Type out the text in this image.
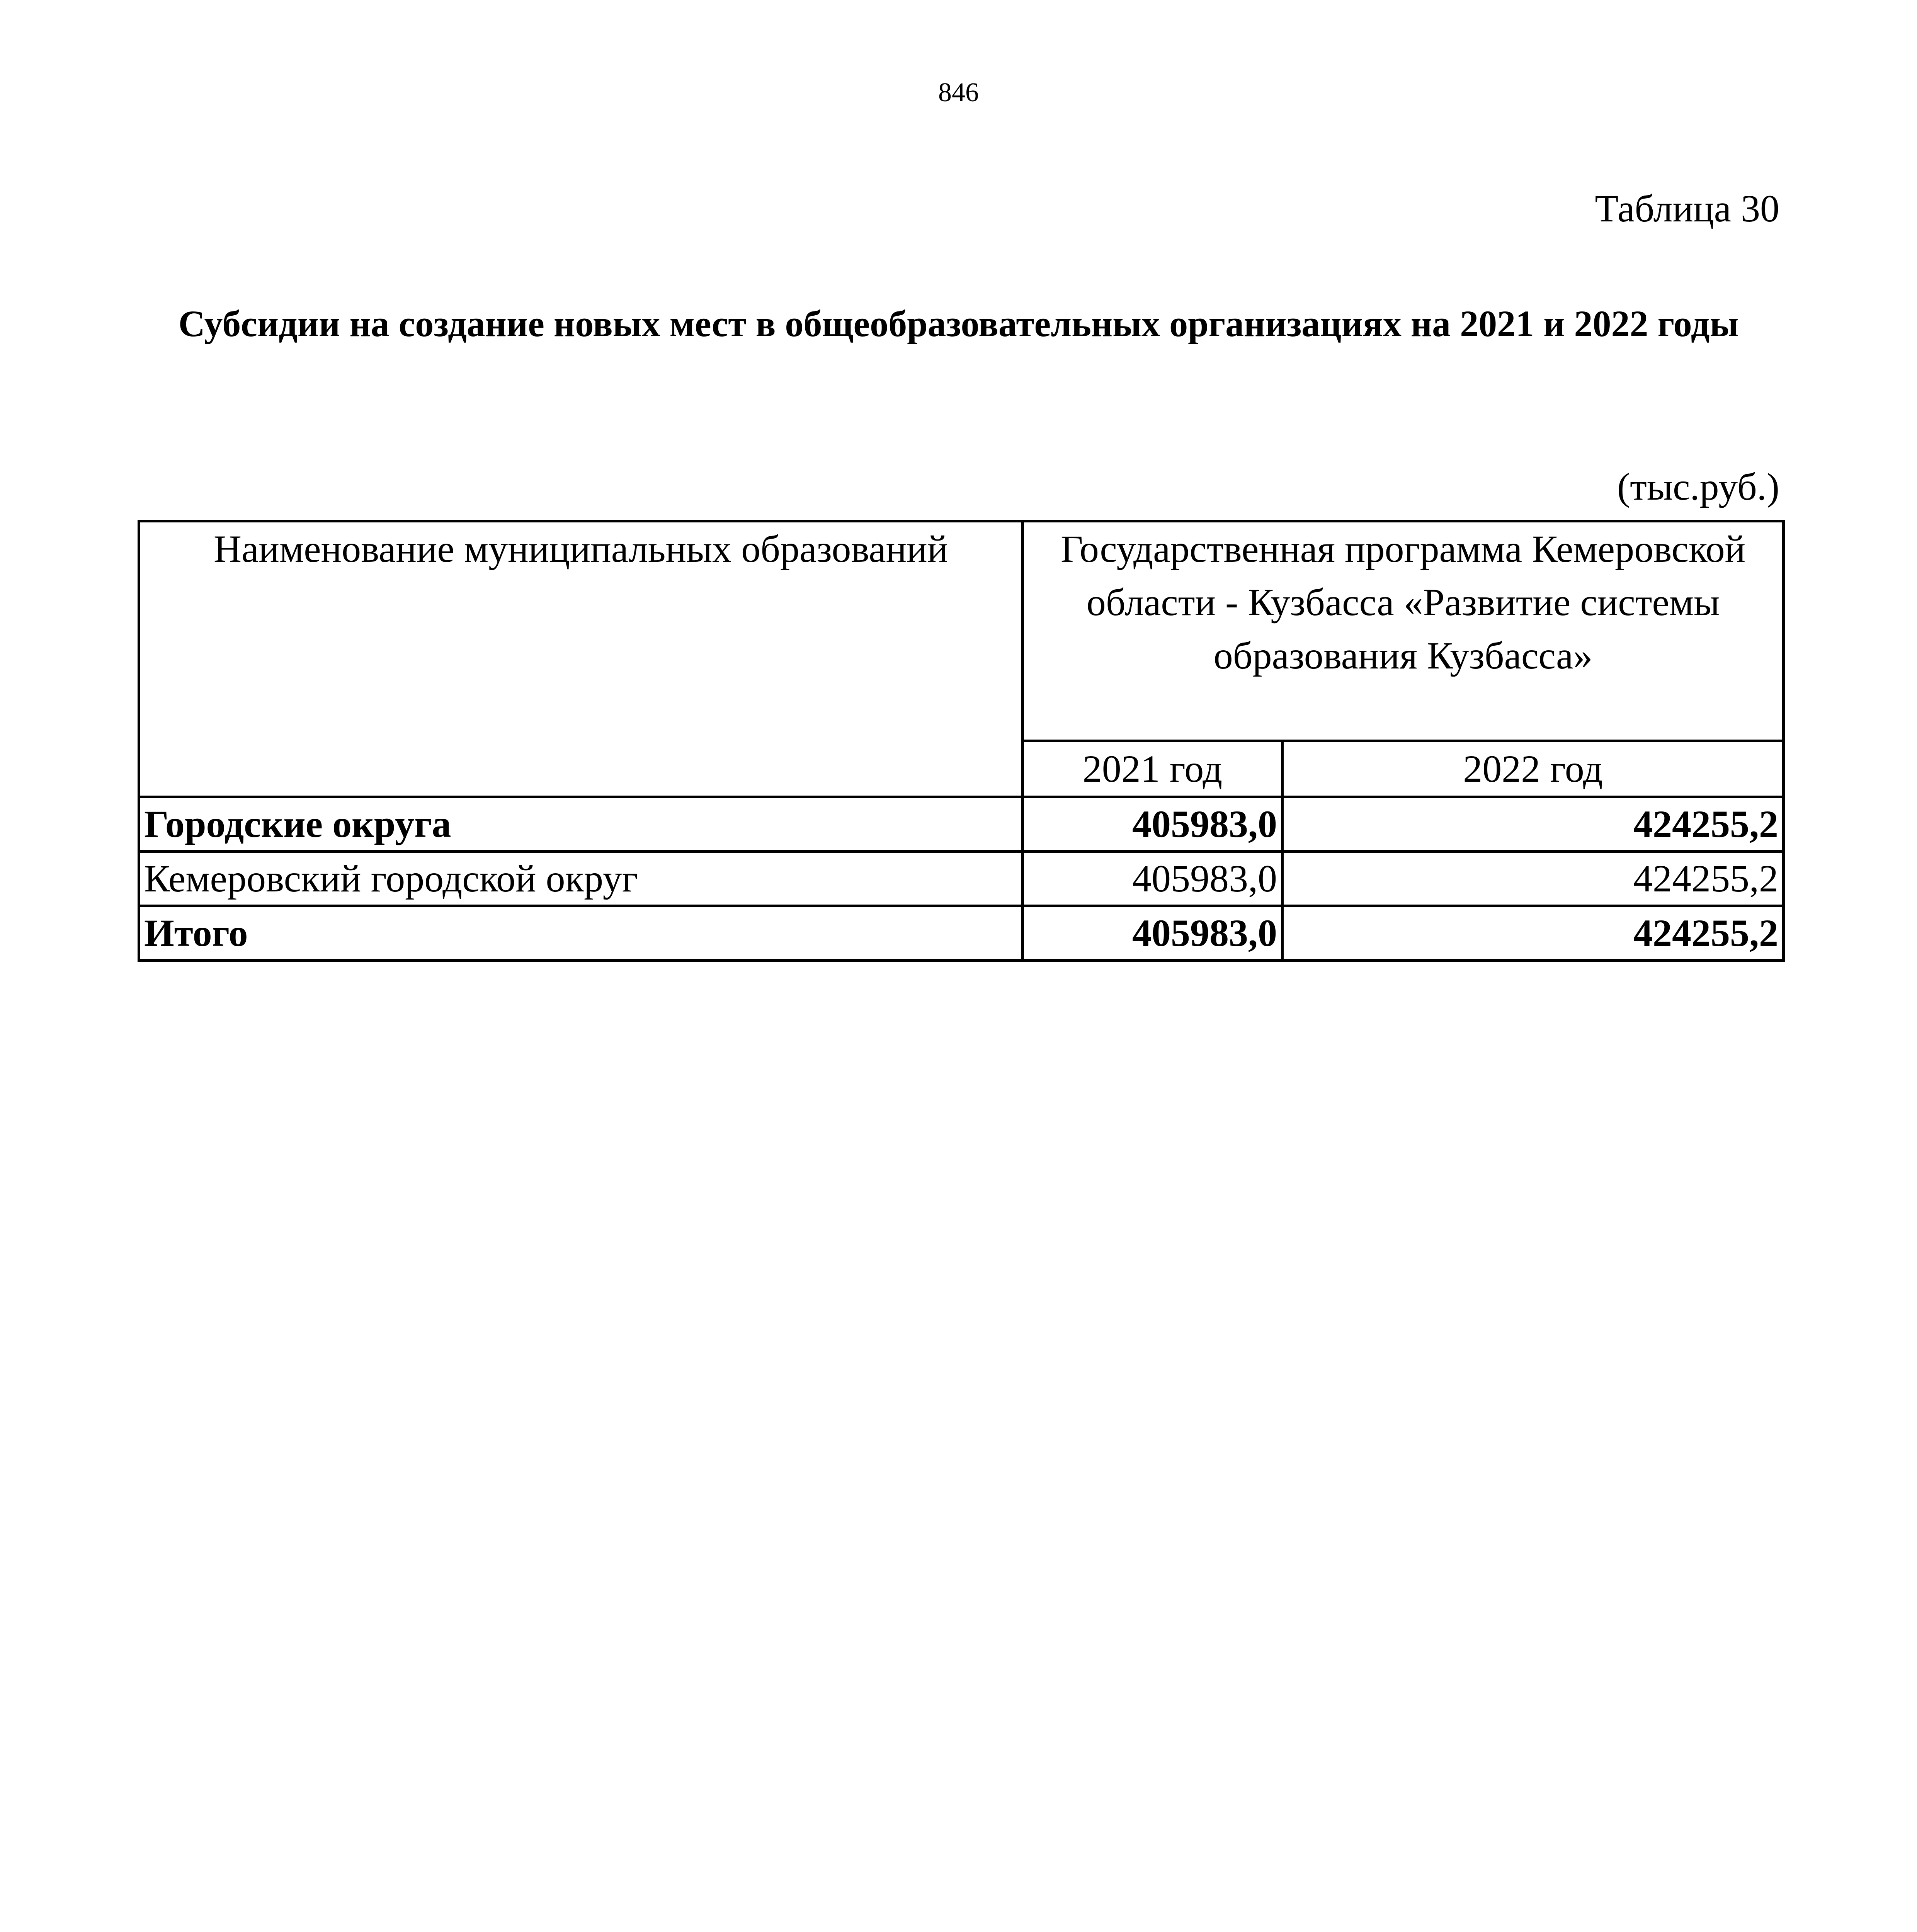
846
Таблица 30
Субсидии на создание новых мест в общеобразовательных организациях на 2021 и 2022 годы
(тыс.руб.)
Наименование муниципальных образований	Государственная программа Кемеровской области - Кузбасса «Развитие системы образования Кузбасса»	
	2021 год	2022 год
Городские округа	405983,0	424255,2
Кемеровский городской округ	405983,0	424255,2
Итого	405983,0	424255,2
